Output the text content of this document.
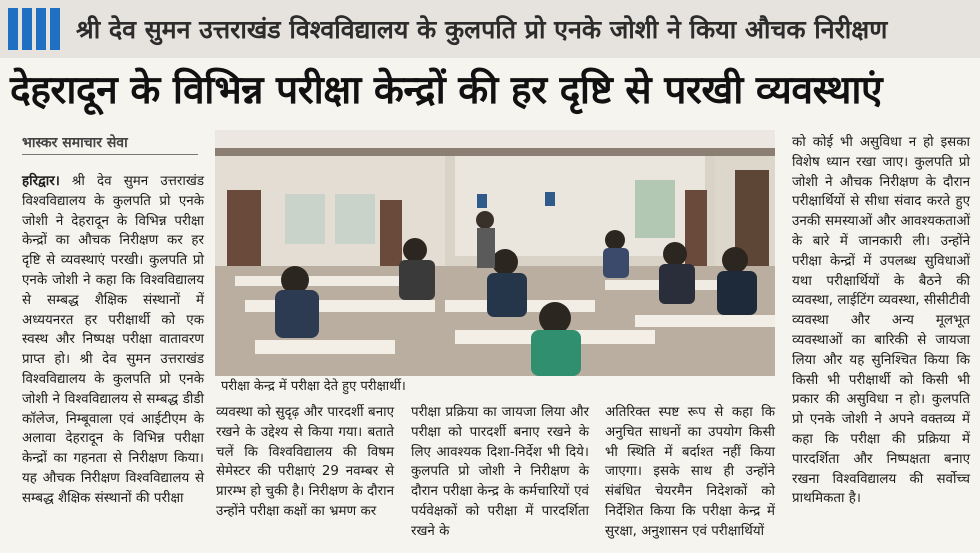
श्री देव सुमन उत्तराखंड विश्वविद्यालय के कुलपति प्रो एनके जोशी ने किया औचक निरीक्षण
देहरादून के विभिन्न परीक्षा केन्द्रों की हर दृष्टि से परखी व्यवस्थाएं
भास्कर समाचार सेवा
हरिद्वार। श्री देव सुमन उत्तराखंड विश्वविद्यालय के कुलपति प्रो एनके जोशी ने देहरादून के विभिन्न परीक्षा केन्द्रों का औचक निरीक्षण कर हर दृष्टि से व्यवस्थाएं परखी। कुलपति प्रो एनके जोशी ने कहा कि विश्वविद्यालय से सम्बद्ध शैक्षिक संस्थानों में अध्ययनरत हर परीक्षार्थी को एक स्वस्थ और निष्पक्ष परीक्षा वातावरण प्राप्त हो। श्री देव सुमन उत्तराखंड विश्वविद्यालय के कुलपति प्रो एनके जोशी ने विश्वविद्यालय से सम्बद्ध डीडी कॉलेज, निम्बूवाला एवं आईटीएम के अलावा देहरादून के विभिन्न परीक्षा केन्द्रों का गहनता से निरीक्षण किया। यह औचक निरीक्षण विश्वविद्यालय से सम्बद्ध शैक्षिक संस्थानों की परीक्षा
परीक्षा केन्द्र में परीक्षा देते हुए परीक्षार्थी।
व्यवस्था को सुदृढ़ और पारदर्शी बनाए रखने के उद्देश्य से किया गया। बताते चलें कि विश्वविद्यालय की विषम सेमेस्टर की परीक्षाएं 29 नवम्बर से प्रारम्भ हो चुकी है। निरीक्षण के दौरान उन्होंने परीक्षा कक्षों का भ्रमण कर
परीक्षा प्रक्रिया का जायजा लिया और परीक्षा को पारदर्शी बनाए रखने के लिए आवश्यक दिशा-निर्देश भी दिये। कुलपति प्रो जोशी ने निरीक्षण के दौरान परीक्षा केन्द्र के कर्मचारियों एवं पर्यवेक्षकों को परीक्षा में पारदर्शिता रखने के
अतिरिक्त स्पष्ट रूप से कहा कि अनुचित साधनों का उपयोग किसी भी स्थिति में बर्दाश्त नहीं किया जाएगा। इसके साथ ही उन्होंने संबंधित चेयरमैन निदेशकों को निर्देशित किया कि परीक्षा केन्द्र में सुरक्षा, अनुशासन एवं परीक्षार्थियों
को कोई भी असुविधा न हो इसका विशेष ध्यान रखा जाए। कुलपति प्रो जोशी ने औचक निरीक्षण के दौरान परीक्षार्थियों से सीधा संवाद करते हुए उनकी समस्याओं और आवश्यकताओं के बारे में जानकारी ली। उन्होंने परीक्षा केन्द्रों में उपलब्ध सुविधाओं यथा परीक्षार्थियों के बैठने की व्यवस्था, लाईटिंग व्यवस्था, सीसीटीवी व्यवस्था और अन्य मूलभूत व्यवस्थाओं का बारिकी से जायजा लिया और यह सुनिश्चित किया कि किसी भी परीक्षार्थी को किसी भी प्रकार की असुविधा न हो। कुलपति प्रो एनके जोशी ने अपने वक्तव्य में कहा कि परीक्षा की प्रक्रिया में पारदर्शिता और निष्पक्षता बनाए रखना विश्वविद्यालय की सर्वोच्च प्राथमिकता है।
